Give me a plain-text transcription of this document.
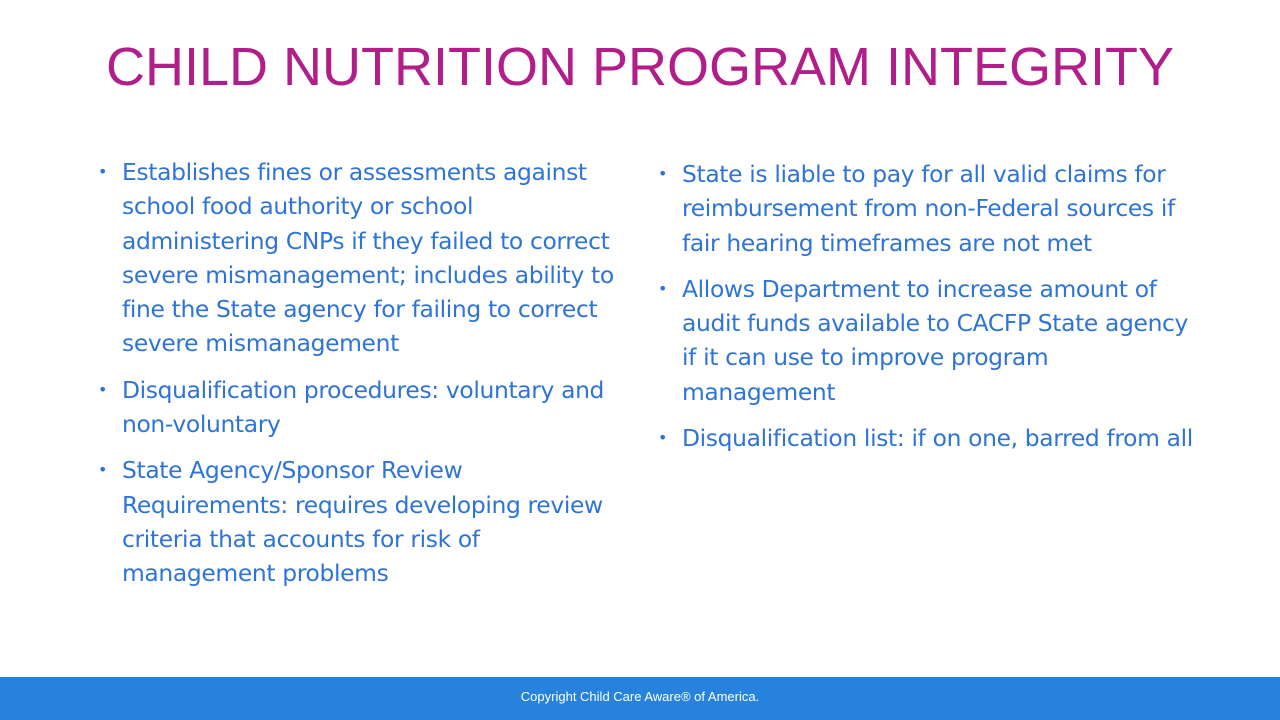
CHILD NUTRITION PROGRAM INTEGRITY
• Establishes fines or assessments against school food authority or school administering CNPs if they failed to correct severe mismanagement; includes ability to fine the State agency for failing to correct severe mismanagement
• Disqualification procedures: voluntary and non-voluntary
• State Agency/Sponsor Review Requirements: requires developing review criteria that accounts for risk of management problems
• State is liable to pay for all valid claims for reimbursement from non-Federal sources if fair hearing timeframes are not met
• Allows Department to increase amount of audit funds available to CACFP State agency if it can use to improve program management
• Disqualification list: if on one, barred from all
Copyright Child Care Aware® of America.
